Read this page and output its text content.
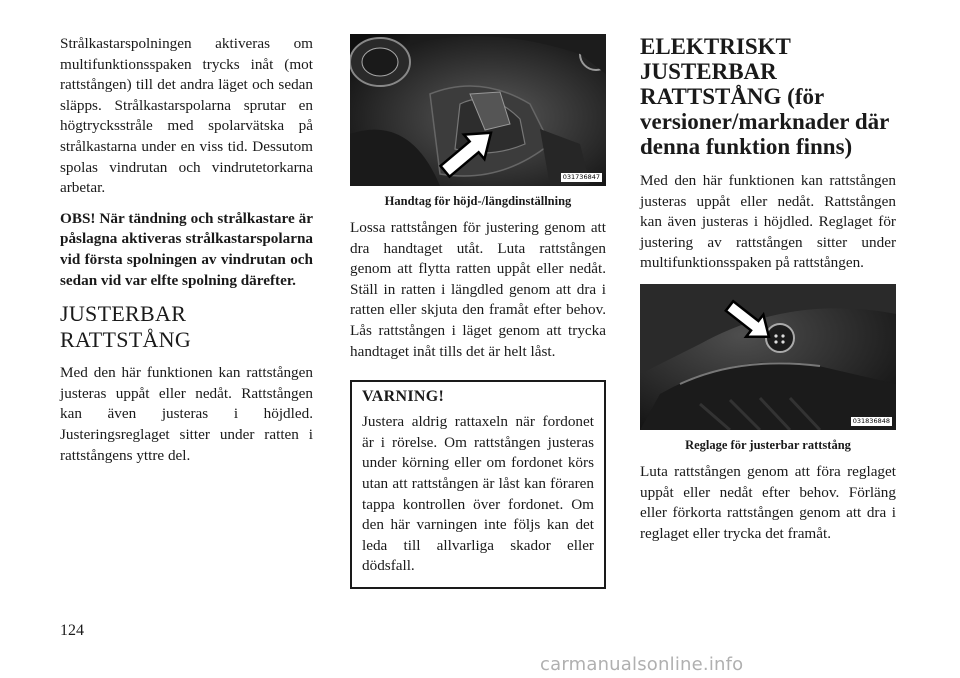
Strålkastarspolningen aktiveras om multifunktionsspaken trycks inåt (mot rattstången) till det andra läget och sedan släpps. Strålkastarspolarna sprutar en högtrycksstråle med spolarvätska på strålkastarna under en viss tid. Dessutom spolas vindrutan och vindrutetorkarna arbetar.

OBS! När tändning och strålkastare är påslagna aktiveras strålkastarspolarna vid första spolningen av vindrutan och sedan vid var elfte spolning därefter.

JUSTERBAR RATTSTÅNG

Med den här funktionen kan rattstången justeras uppåt eller nedåt. Rattstången kan även justeras i höjdled. Justeringsreglaget sitter under ratten i rattstångens yttre del.

031736847
Handtag för höjd-/längdinställning

Lossa rattstången för justering genom att dra handtaget utåt. Luta rattstången genom att flytta ratten uppåt eller nedåt. Ställ in ratten i längdled genom att dra i ratten eller skjuta den framåt efter behov. Lås rattstången i läget genom att trycka handtaget inåt tills det är helt låst.

VARNING!

Justera aldrig rattaxeln när fordonet är i rörelse. Om rattstången justeras under körning eller om fordonet körs utan att rattstången är låst kan föraren tappa kontrollen över fordonet. Om den här varningen inte följs kan det leda till allvarliga skador eller dödsfall.

ELEKTRISKT JUSTERBAR RATTSTÅNG (för versioner/marknader där denna funktion finns)

Med den här funktionen kan rattstången justeras uppåt eller nedåt. Rattstången kan även justeras i höjdled. Reglaget för justering av rattstången sitter under multifunktionsspaken på rattstången.

031836848
Reglage för justerbar rattstång

Luta rattstången genom att föra reglaget uppåt eller nedåt efter behov. Förläng eller förkorta rattstången genom att dra i reglaget eller trycka det framåt.

124
carmanualsonline.info
